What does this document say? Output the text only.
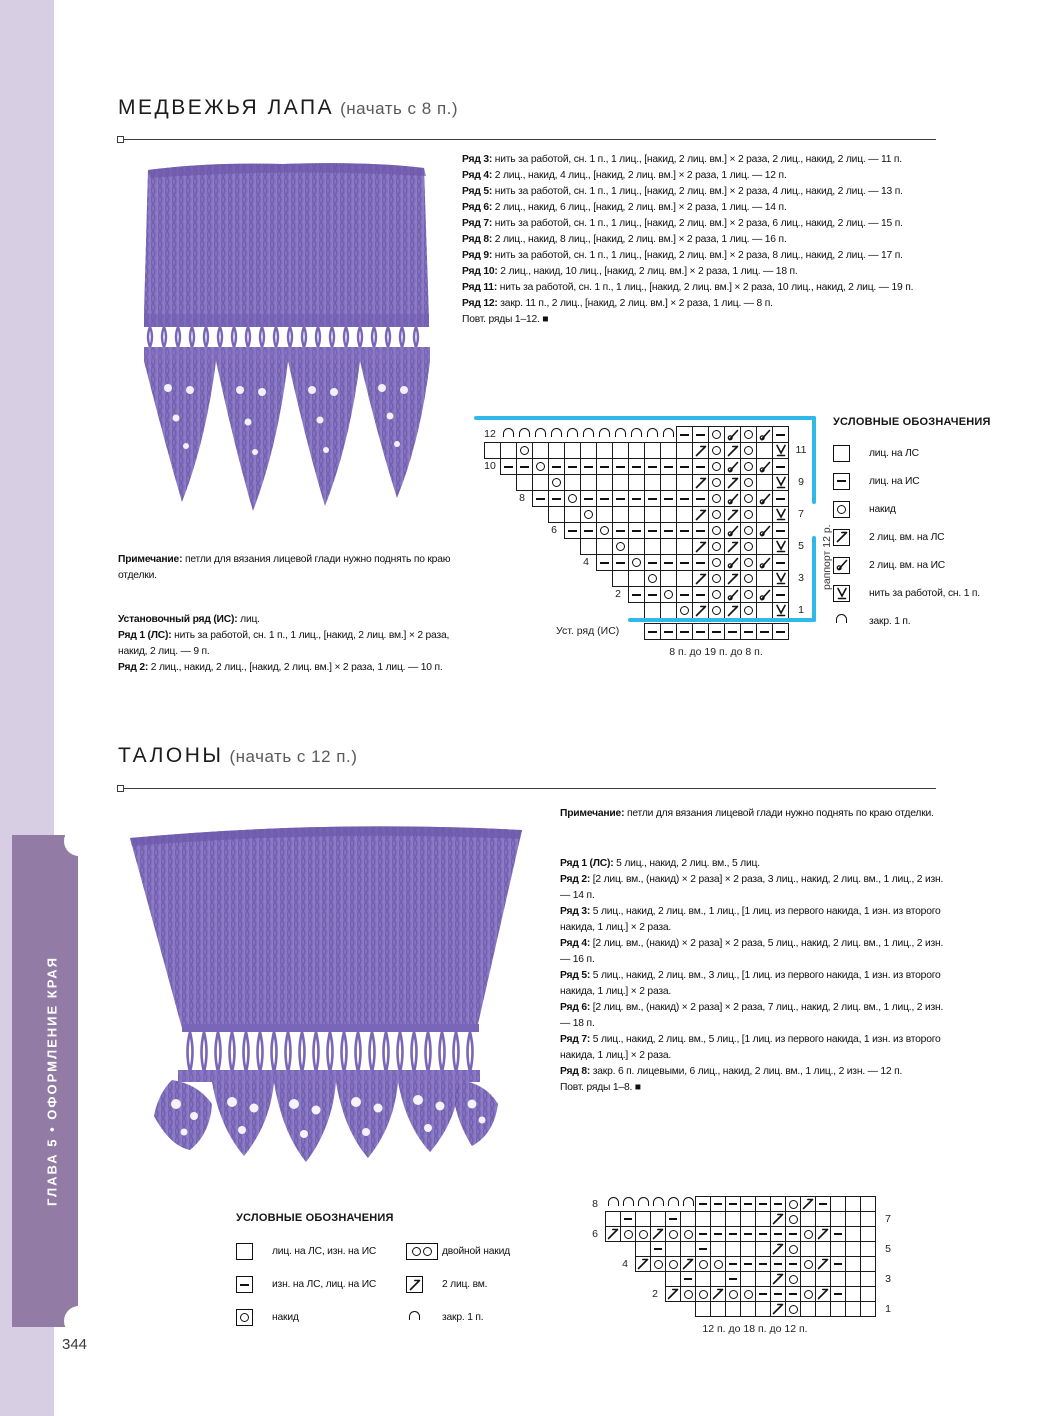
ГЛАВА 5 • ОФОРМЛЕНИЕ КРАЯ
344
МЕДВЕЖЬЯ ЛАПА (начать с 8 п.)
Ряд 3: нить за работой, сн. 1 п., 1 лиц., [накид, 2 лиц. вм.] × 2 раза, 2 лиц., накид, 2 лиц. — 11 п.
Ряд 4: 2 лиц., накид, 4 лиц., [накид, 2 лиц. вм.] × 2 раза, 1 лиц. — 12 п.
Ряд 5: нить за работой, сн. 1 п., 1 лиц., [накид, 2 лиц. вм.] × 2 раза, 4 лиц., накид, 2 лиц. — 13 п.
Ряд 6: 2 лиц., накид, 6 лиц., [накид, 2 лиц. вм.] × 2 раза, 1 лиц. — 14 п.
Ряд 7: нить за работой, сн. 1 п., 1 лиц., [накид, 2 лиц. вм.] × 2 раза, 6 лиц., накид, 2 лиц. — 15 п.
Ряд 8: 2 лиц., накид, 8 лиц., [накид, 2 лиц. вм.] × 2 раза, 1 лиц. — 16 п.
Ряд 9: нить за работой, сн. 1 п., 1 лиц., [накид, 2 лиц. вм.] × 2 раза, 8 лиц., накид, 2 лиц. — 17 п.
Ряд 10: 2 лиц., накид, 10 лиц., [накид, 2 лиц. вм.] × 2 раза, 1 лиц. — 18 п.
Ряд 11: нить за работой, сн. 1 п., 1 лиц., [накид, 2 лиц. вм.] × 2 раза, 10 лиц., накид, 2 лиц. — 19 п.
Ряд 12: закр. 11 п., 2 лиц., [накид, 2 лиц. вм.] × 2 раза, 1 лиц. — 8 п.
Повт. ряды 1–12. ■
12
11
10
9
8
7
6
5
4
3
2
1
Уст. ряд (ИС)
8 п. до 19 п. до 8 п.
раппорт 12 р.
УСЛОВНЫЕ ОБОЗНАЧЕНИЯ
лиц. на ЛС
лиц. на ИС
накид
2 лиц. вм. на ЛС
2 лиц. вм. на ИС
нить за работой, сн. 1 п.
закр. 1 п.
Примечание: петли для вязания лицевой глади нужно поднять по краю отделки.
Установочный ряд (ИС): лиц.
Ряд 1 (ЛС): нить за работой, сн. 1 п., 1 лиц., [накид, 2 лиц. вм.] × 2 раза, накид, 2 лиц. — 9 п.
Ряд 2: 2 лиц., накид, 2 лиц., [накид, 2 лиц. вм.] × 2 раза, 1 лиц. — 10 п.
ТАЛОНЫ (начать с 12 п.)
Примечание: петли для вязания лицевой глади нужно поднять по краю отделки.
Ряд 1 (ЛС): 5 лиц., накид, 2 лиц. вм., 5 лиц.
Ряд 2: [2 лиц. вм., (накид) × 2 раза] × 2 раза, 3 лиц., накид, 2 лиц. вм., 1 лиц., 2 изн. — 14 п.
Ряд 3: 5 лиц., накид, 2 лиц. вм., 1 лиц., [1 лиц. из первого накида, 1 изн. из второго накида, 1 лиц.] × 2 раза.
Ряд 4: [2 лиц. вм., (накид) × 2 раза] × 2 раза, 5 лиц., накид, 2 лиц. вм., 1 лиц., 2 изн. — 16 п.
Ряд 5: 5 лиц., накид, 2 лиц. вм., 3 лиц., [1 лиц. из первого накида, 1 изн. из второго накида, 1 лиц.] × 2 раза.
Ряд 6: [2 лиц. вм., (накид) × 2 раза] × 2 раза, 7 лиц., накид, 2 лиц. вм., 1 лиц., 2 изн. — 18 п.
Ряд 7: 5 лиц., накид, 2 лиц. вм., 5 лиц., [1 лиц. из первого накида, 1 изн. из второго накида, 1 лиц.] × 2 раза.
Ряд 8: закр. 6 п. лицевыми, 6 лиц., накид, 2 лиц. вм., 1 лиц., 2 изн. — 12 п.
Повт. ряды 1–8. ■
УСЛОВНЫЕ ОБОЗНАЧЕНИЯ
лиц. на ЛС, изн. на ИС
изн. на ЛС, лиц. на ИС
накид
двойной накид
2 лиц. вм.
закр. 1 п.
8
7
6
5
4
3
2
1
12 п. до 18 п. до 12 п.
